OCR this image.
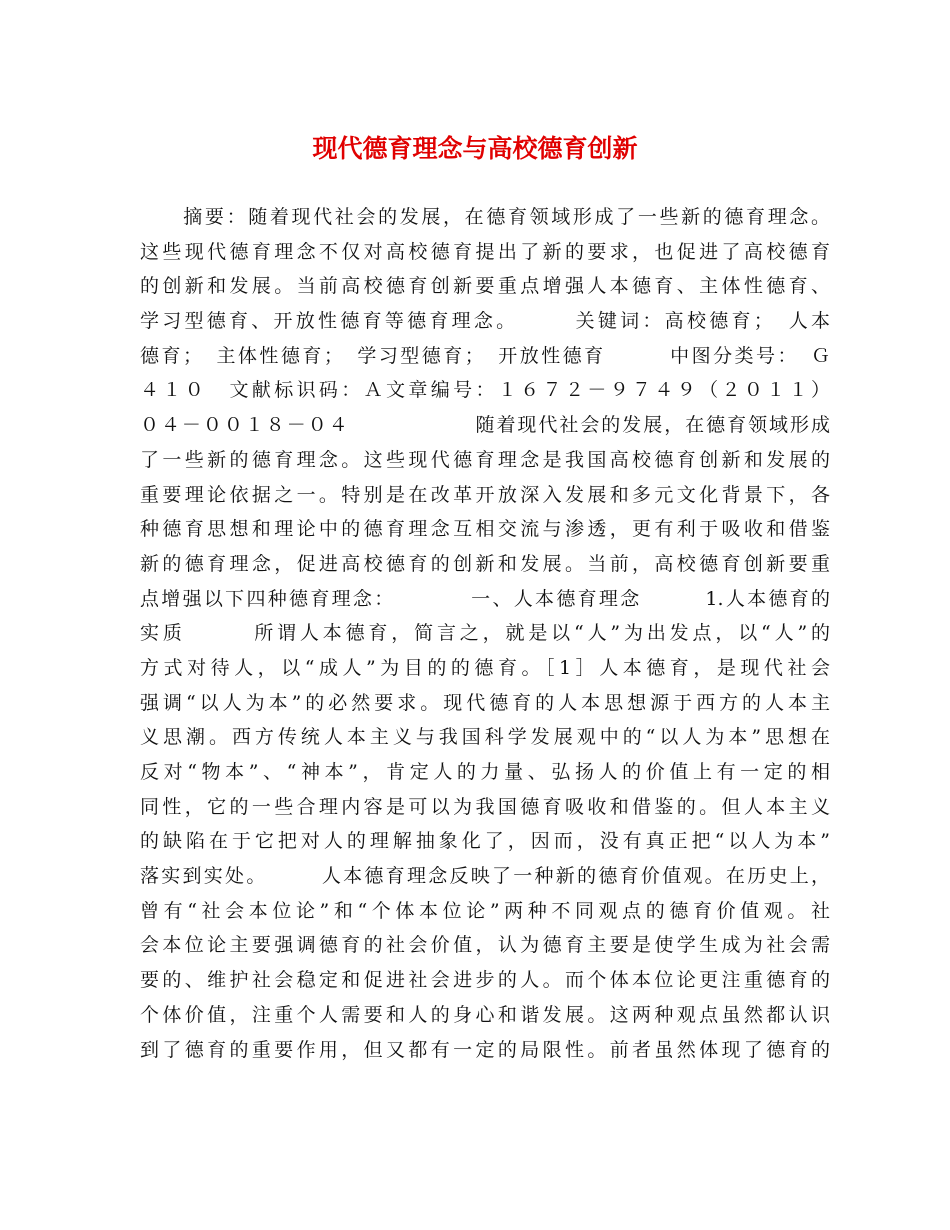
现代德育理念与高校德育创新
　　摘要：随着现代社会的发展，在德育领域形成了一些新的德育理念。
这些现代德育理念不仅对高校德育提出了新的要求，也促进了高校德育
的创新和发展。当前高校德育创新要重点增强人本德育、主体性德育、
学习型德育、开放性德育等德育理念。　　　关键词：高校德育；　人本
德育；　主体性德育；　学习型德育；　开放性德育　　　中图分类号：　Ｇ
４１０　文献标识码：Ａ文章编号：１６７２－９７４９（２０１１）
０４－００１８－０４　　　　　　随着现代社会的发展，在德育领域形成
了一些新的德育理念。这些现代德育理念是我国高校德育创新和发展的
重要理论依据之一。特别是在改革开放深入发展和多元文化背景下，各
种德育思想和理论中的德育理念互相交流与渗透，更有利于吸收和借鉴
新的德育理念，促进高校德育的创新和发展。当前，高校德育创新要重
点增强以下四种德育理念：　　　　一、人本德育理念　　　1.人本德育的
实质　　　所谓人本德育，简言之，就是以“人”为出发点，以“人”的
方式对待人，以“成人”为目的的德育。［1］人本德育，是现代社会
强调“以人为本”的必然要求。现代德育的人本思想源于西方的人本主
义思潮。西方传统人本主义与我国科学发展观中的“以人为本”思想在
反对“物本”、“神本”，肯定人的力量、弘扬人的价值上有一定的相
同性，它的一些合理内容是可以为我国德育吸收和借鉴的。但人本主义
的缺陷在于它把对人的理解抽象化了，因而，没有真正把“以人为本”
落实到实处。　　　人本德育理念反映了一种新的德育价值观。在历史上，
曾有“社会本位论”和“个体本位论”两种不同观点的德育价值观。社
会本位论主要强调德育的社会价值，认为德育主要是使学生成为社会需
要的、维护社会稳定和促进社会进步的人。而个体本位论更注重德育的
个体价值，注重个人需要和人的身心和谐发展。这两种观点虽然都认识
到了德育的重要作用，但又都有一定的局限性。前者虽然体现了德育的
